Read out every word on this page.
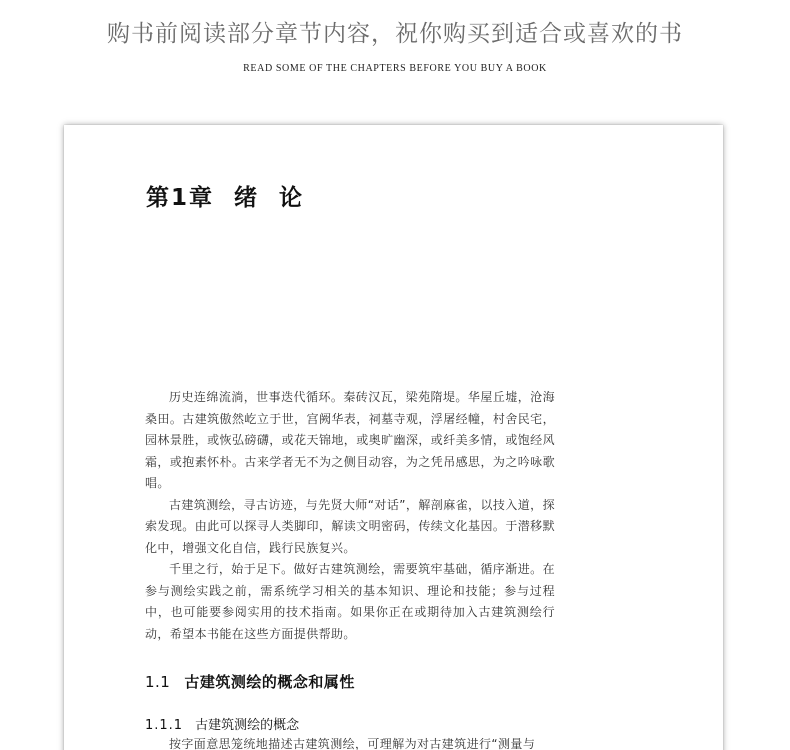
购书前阅读部分章节内容，祝你购买到适合或喜欢的书
READ SOME OF THE CHAPTERS BEFORE YOU BUY A BOOK
第1章  绪  论

历史连绵流淌，世事迭代循环。秦砖汉瓦，梁苑隋堤。华屋丘墟，沧海桑田。古建筑傲然屹立于世，宫阙华表，祠墓寺观，浮屠经幢，村舍民宅，园林景胜，或恢弘磅礴，或花天锦地，或奥旷幽深，或纤美多情，或饱经风霜，或抱素怀朴。古来学者无不为之侧目动容，为之凭吊感思，为之吟咏歌唱。

古建筑测绘，寻古访迹，与先贤大师“对话”，解剖麻雀，以技入道，探索发现。由此可以探寻人类脚印，解读文明密码，传续文化基因。于潜移默化中，增强文化自信，践行民族复兴。

千里之行，始于足下。做好古建筑测绘，需要筑牢基础，循序渐进。在参与测绘实践之前，需系统学习相关的基本知识、理论和技能；参与过程中，也可能要参阅实用的技术指南。如果你正在或期待加入古建筑测绘行动，希望本书能在这些方面提供帮助。

1.1 古建筑测绘的概念和属性
1.1.1 古建筑测绘的概念

按字面意思笼统地描述古建筑测绘，可理解为对古建筑进行“测量与
